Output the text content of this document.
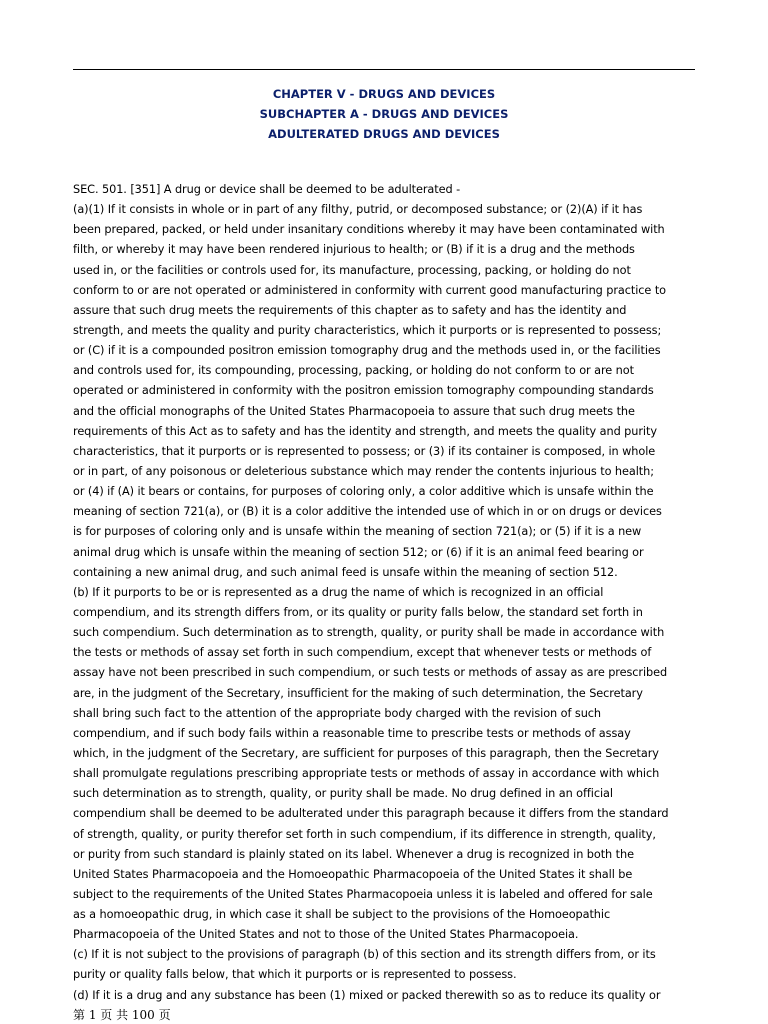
CHAPTER V - DRUGS AND DEVICES
SUBCHAPTER A - DRUGS AND DEVICES
ADULTERATED DRUGS AND DEVICES
SEC. 501. [351] A drug or device shall be deemed to be adulterated -
(a)(1) If it consists in whole or in part of any filthy, putrid, or decomposed substance; or (2)(A) if it has
been prepared, packed, or held under insanitary conditions whereby it may have been contaminated with
filth, or whereby it may have been rendered injurious to health; or (B) if it is a drug and the methods
used in, or the facilities or controls used for, its manufacture, processing, packing, or holding do not
conform to or are not operated or administered in conformity with current good manufacturing practice to
assure that such drug meets the requirements of this chapter as to safety and has the identity and
strength, and meets the quality and purity characteristics, which it purports or is represented to possess;
or (C) if it is a compounded positron emission tomography drug and the methods used in, or the facilities
and controls used for, its compounding, processing, packing, or holding do not conform to or are not
operated or administered in conformity with the positron emission tomography compounding standards
and the official monographs of the United States Pharmacopoeia to assure that such drug meets the
requirements of this Act as to safety and has the identity and strength, and meets the quality and purity
characteristics, that it purports or is represented to possess; or (3) if its container is composed, in whole
or in part, of any poisonous or deleterious substance which may render the contents injurious to health;
or (4) if (A) it bears or contains, for purposes of coloring only, a color additive which is unsafe within the
meaning of section 721(a), or (B) it is a color additive the intended use of which in or on drugs or devices
is for purposes of coloring only and is unsafe within the meaning of section 721(a); or (5) if it is a new
animal drug which is unsafe within the meaning of section 512; or (6) if it is an animal feed bearing or
containing a new animal drug, and such animal feed is unsafe within the meaning of section 512.
(b) If it purports to be or is represented as a drug the name of which is recognized in an official
compendium, and its strength differs from, or its quality or purity falls below, the standard set forth in
such compendium. Such determination as to strength, quality, or purity shall be made in accordance with
the tests or methods of assay set forth in such compendium, except that whenever tests or methods of
assay have not been prescribed in such compendium, or such tests or methods of assay as are prescribed
are, in the judgment of the Secretary, insufficient for the making of such determination, the Secretary
shall bring such fact to the attention of the appropriate body charged with the revision of such
compendium, and if such body fails within a reasonable time to prescribe tests or methods of assay
which, in the judgment of the Secretary, are sufficient for purposes of this paragraph, then the Secretary
shall promulgate regulations prescribing appropriate tests or methods of assay in accordance with which
such determination as to strength, quality, or purity shall be made. No drug defined in an official
compendium shall be deemed to be adulterated under this paragraph because it differs from the standard
of strength, quality, or purity therefor set forth in such compendium, if its difference in strength, quality,
or purity from such standard is plainly stated on its label. Whenever a drug is recognized in both the
United States Pharmacopoeia and the Homoeopathic Pharmacopoeia of the United States it shall be
subject to the requirements of the United States Pharmacopoeia unless it is labeled and offered for sale
as a homoeopathic drug, in which case it shall be subject to the provisions of the Homoeopathic
Pharmacopoeia of the United States and not to those of the United States Pharmacopoeia.
(c) If it is not subject to the provisions of paragraph (b) of this section and its strength differs from, or its
purity or quality falls below, that which it purports or is represented to possess.
(d) If it is a drug and any substance has been (1) mixed or packed therewith so as to reduce its quality or
第 1 页 共 100 页
